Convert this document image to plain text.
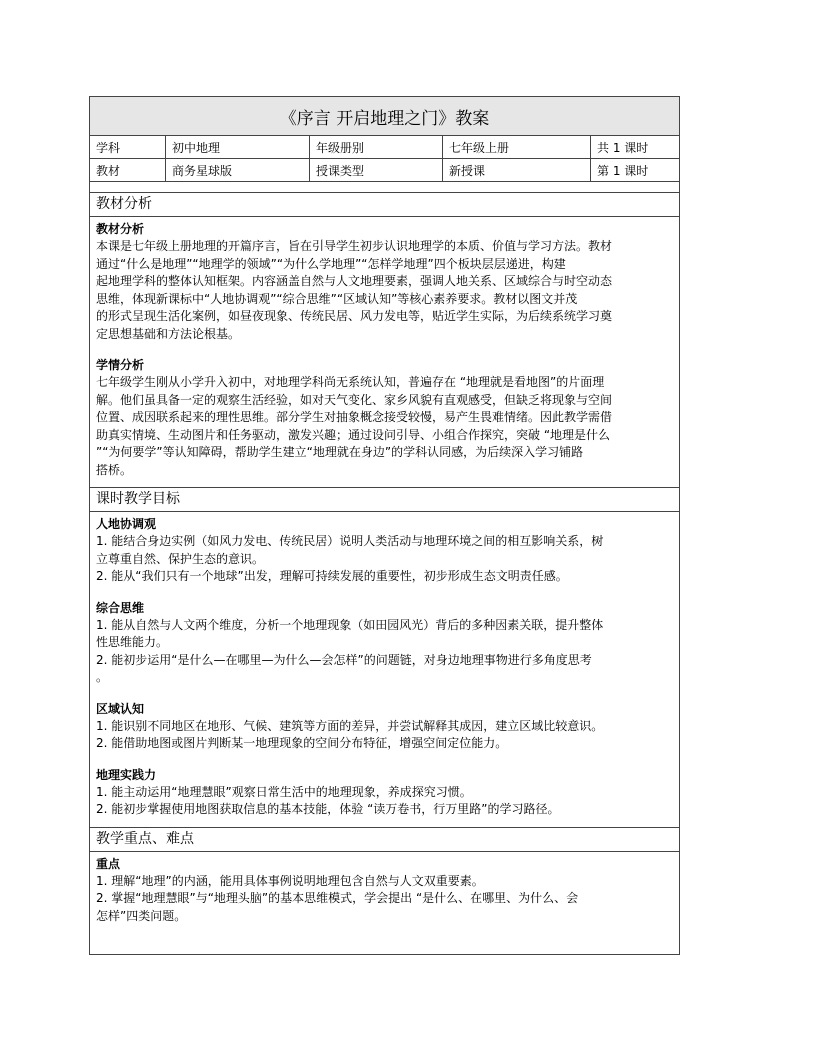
《序言 开启地理之门》教案
学科	初中地理	年级册别	七年级上册	共 1 课时
教材	商务星球版	授课类型	新授课	第 1 课时
教材分析
教材分析

本课是七年级上册地理的开篇序言，旨在引导学生初步认识地理学的本质、价值与学习方法。教材

通过“什么是地理”“地理学的领域”“为什么学地理”“怎样学地理”四个板块层层递进，构建

起地理学科的整体认知框架。内容涵盖自然与人文地理要素，强调人地关系、区域综合与时空动态

思维，体现新课标中“人地协调观”“综合思维”“区域认知”等核心素养要求。教材以图文并茂

的形式呈现生活化案例，如昼夜现象、传统民居、风力发电等，贴近学生实际，为后续系统学习奠

定思想基础和方法论根基。

学情分析

七年级学生刚从小学升入初中，对地理学科尚无系统认知，普遍存在 “地理就是看地图”的片面理

解。他们虽具备一定的观察生活经验，如对天气变化、家乡风貌有直观感受，但缺乏将现象与空间

位置、成因联系起来的理性思维。部分学生对抽象概念接受较慢，易产生畏难情绪。因此教学需借

助真实情境、生动图片和任务驱动，激发兴趣；通过设问引导、小组合作探究，突破 “地理是什么

”“为何要学”等认知障碍，帮助学生建立“地理就在身边”的学科认同感，为后续深入学习铺路

搭桥。

课时教学目标
人地协调观

1. 能结合身边实例（如风力发电、传统民居）说明人类活动与地理环境之间的相互影响关系，树

立尊重自然、保护生态的意识。

2. 能从“我们只有一个地球”出发，理解可持续发展的重要性，初步形成生态文明责任感。

综合思维

1. 能从自然与人文两个维度，分析一个地理现象（如田园风光）背后的多种因素关联，提升整体

性思维能力。

2. 能初步运用“是什么—在哪里—为什么—会怎样”的问题链，对身边地理事物进行多角度思考

。

区域认知

1. 能识别不同地区在地形、气候、建筑等方面的差异，并尝试解释其成因，建立区域比较意识。

2. 能借助地图或图片判断某一地理现象的空间分布特征，增强空间定位能力。

地理实践力

1. 能主动运用“地理慧眼”观察日常生活中的地理现象，养成探究习惯。

2. 能初步掌握使用地图获取信息的基本技能，体验 “读万卷书，行万里路”的学习路径。

教学重点、难点
重点

1. 理解“地理”的内涵，能用具体事例说明地理包含自然与人文双重要素。

2. 掌握“地理慧眼”与“地理头脑”的基本思维模式，学会提出 “是什么、在哪里、为什么、会

怎样”四类问题。
